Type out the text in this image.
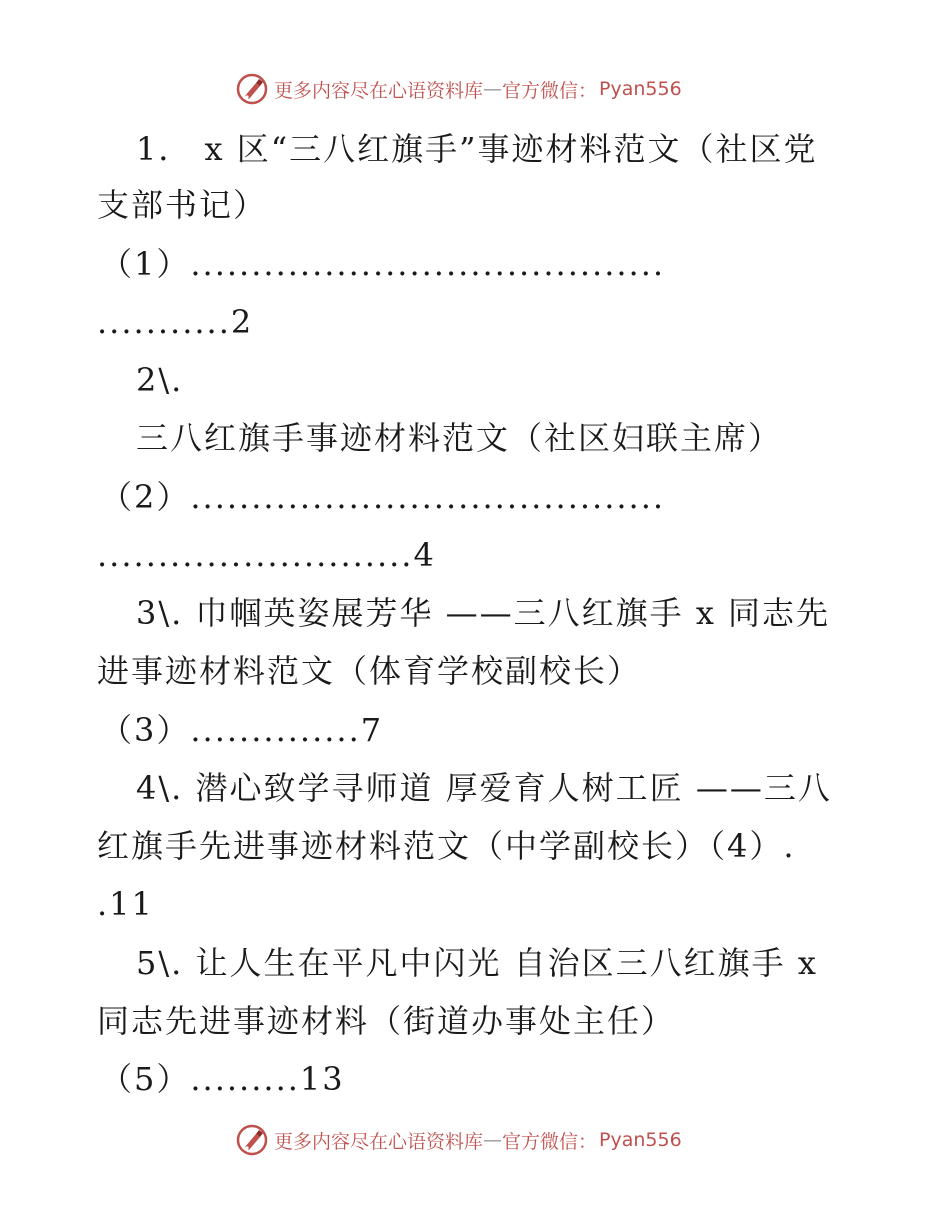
更多内容尽在心语资料库 — 官方微信： Pyan556
1． x 区“三八红旗手”事迹材料范文（社区党
支部书记）
（1）.......................................
...........2
2\.
三八红旗手事迹材料范文（社区妇联主席）
（2）.......................................
..........................4
3\. 巾帼英姿展芳华 ——三八红旗手 x 同志先
进事迹材料范文（体育学校副校长）
（3）..............7
4\. 潜心致学寻师道 厚爱育人树工匠 ——三八
红旗手先进事迹材料范文（中学副校长）（4）.
.11
5\. 让人生在平凡中闪光 自治区三八红旗手 x
同志先进事迹材料（街道办事处主任）
（5）.........13
更多内容尽在心语资料库 — 官方微信： Pyan556
